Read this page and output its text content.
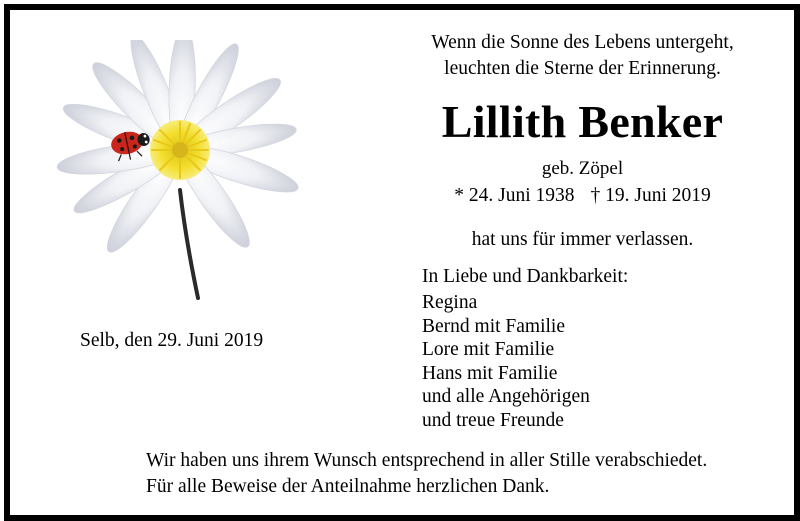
Wenn die Sonne des Lebens untergeht,
leuchten die Sterne der Erinnerung.
Lillith Benker
geb. Zöpel
* 24. Juni 1938 † 19. Juni 2019
hat uns für immer verlassen.
In Liebe und Dankbarkeit:
Regina
Bernd mit Familie
Lore mit Familie
Hans mit Familie
und alle Angehörigen
und treue Freunde
Selb, den 29. Juni 2019
Wir haben uns ihrem Wunsch entsprechend in aller Stille verabschiedet.
Für alle Beweise der Anteilnahme herzlichen Dank.
